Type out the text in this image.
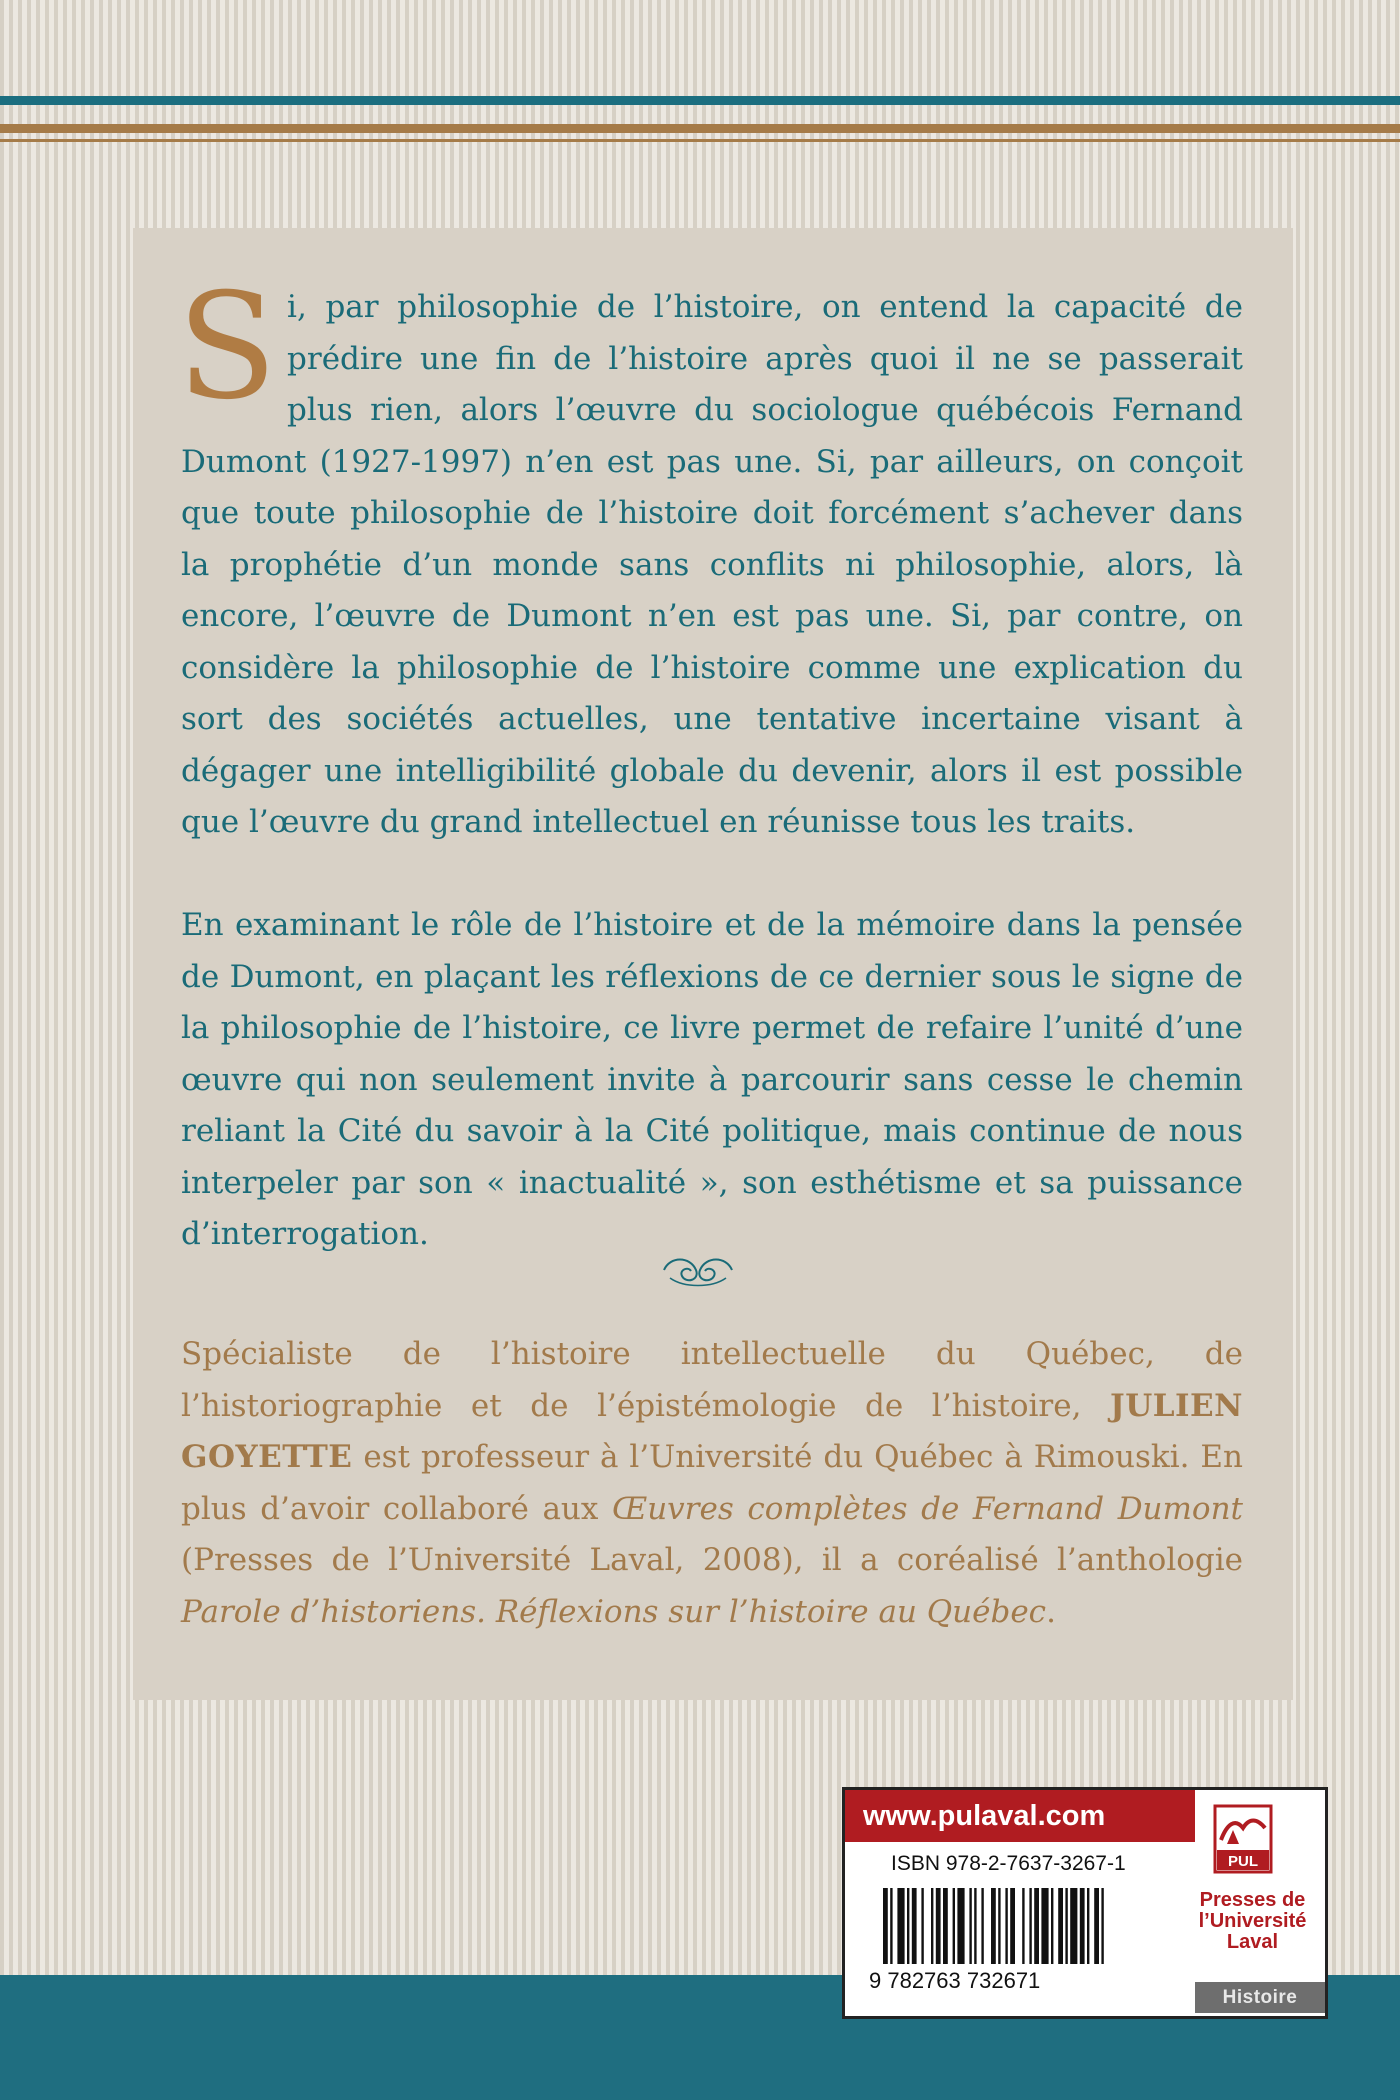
Si, par philosophie de l’histoire, on entend la capacité de prédire une fin de l’histoire après quoi il ne se passerait plus rien, alors l’œuvre du sociologue québécois Fernand Dumont (1927-1997) n’en est pas une. Si, par ailleurs, on conçoit que toute philosophie de l’histoire doit forcément s’achever dans la prophétie d’un monde sans conflits ni philosophie, alors, là encore, l’œuvre de Dumont n’en est pas une. Si, par contre, on considère la philosophie de l’histoire comme une explication du sort des sociétés actuelles, une tentative incertaine visant à dégager une intelligibilité globale du devenir, alors il est possible que l’œuvre du grand intellectuel en réunisse tous les traits.

En examinant le rôle de l’histoire et de la mémoire dans la pensée de Dumont, en plaçant les réflexions de ce dernier sous le signe de la philosophie de l’histoire, ce livre permet de refaire l’unité d’une œuvre qui non seulement invite à parcourir sans cesse le chemin reliant la Cité du savoir à la Cité politique, mais continue de nous interpeler par son « inactualité », son esthétisme et sa puissance d’interrogation.

Spécialiste de l’histoire intellectuelle du Québec, de l’historiographie et de l’épistémologie de l’histoire, JULIEN GOYETTE est professeur à l’Université du Québec à Rimouski. En plus d’avoir collaboré aux Œuvres complètes de Fernand Dumont (Presses de l’Université Laval, 2008), il a coréalisé l’anthologie Parole d’historiens. Réflexions sur l’histoire au Québec.

www.pulaval.com
ISBN 978-2-7637-3267-1
9 782763 732671
PUL
Presses de l’Université Laval
Histoire
